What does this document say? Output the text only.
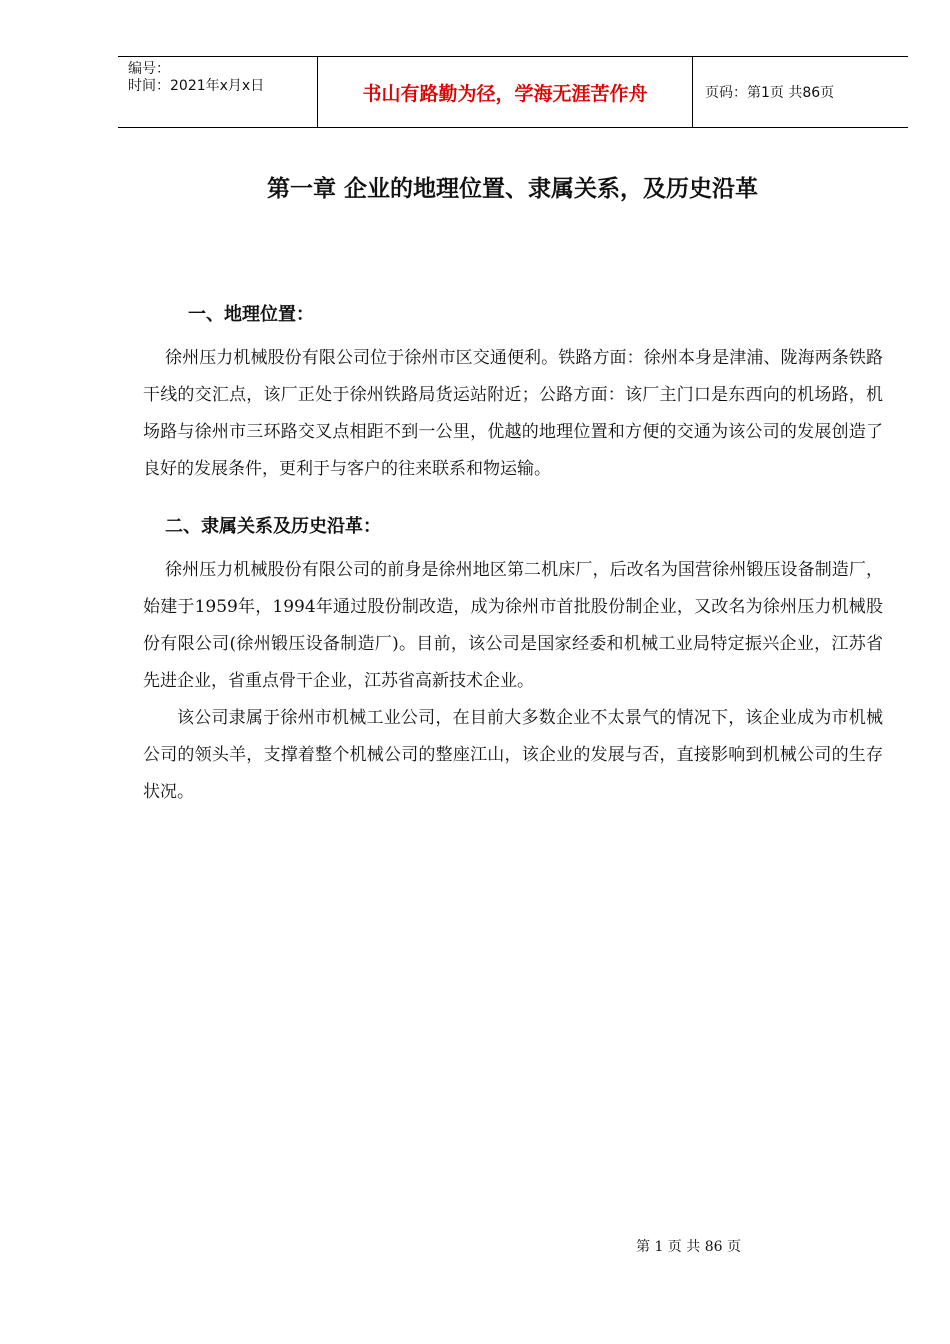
编号：
时间：2021年x月x日	书山有路勤为径，学海无涯苦作舟	页码：第1页 共86页
第一章 企业的地理位置、隶属关系，及历史沿革
一、地理位置：
徐州压力机械股份有限公司位于徐州市区交通便利。铁路方面：徐州本身是津浦、陇海两条铁路干线的交汇点，该厂正处于徐州铁路局货运站附近；公路方面：该厂主门口是东西向的机场路，机场路与徐州市三环路交叉点相距不到一公里，优越的地理位置和方便的交通为该公司的发展创造了良好的发展条件，更利于与客户的往来联系和物运输。
二、隶属关系及历史沿革：
徐州压力机械股份有限公司的前身是徐州地区第二机床厂，后改名为国营徐州锻压设备制造厂，始建于1959年，1994年通过股份制改造，成为徐州市首批股份制企业，又改名为徐州压力机械股份有限公司(徐州锻压设备制造厂)。目前，该公司是国家经委和机械工业局特定振兴企业，江苏省先进企业，省重点骨干企业，江苏省高新技术企业。
该公司隶属于徐州市机械工业公司，在目前大多数企业不太景气的情况下，该企业成为市机械公司的领头羊，支撑着整个机械公司的整座江山，该企业的发展与否，直接影响到机械公司的生存状况。
第 1 页 共 86 页
